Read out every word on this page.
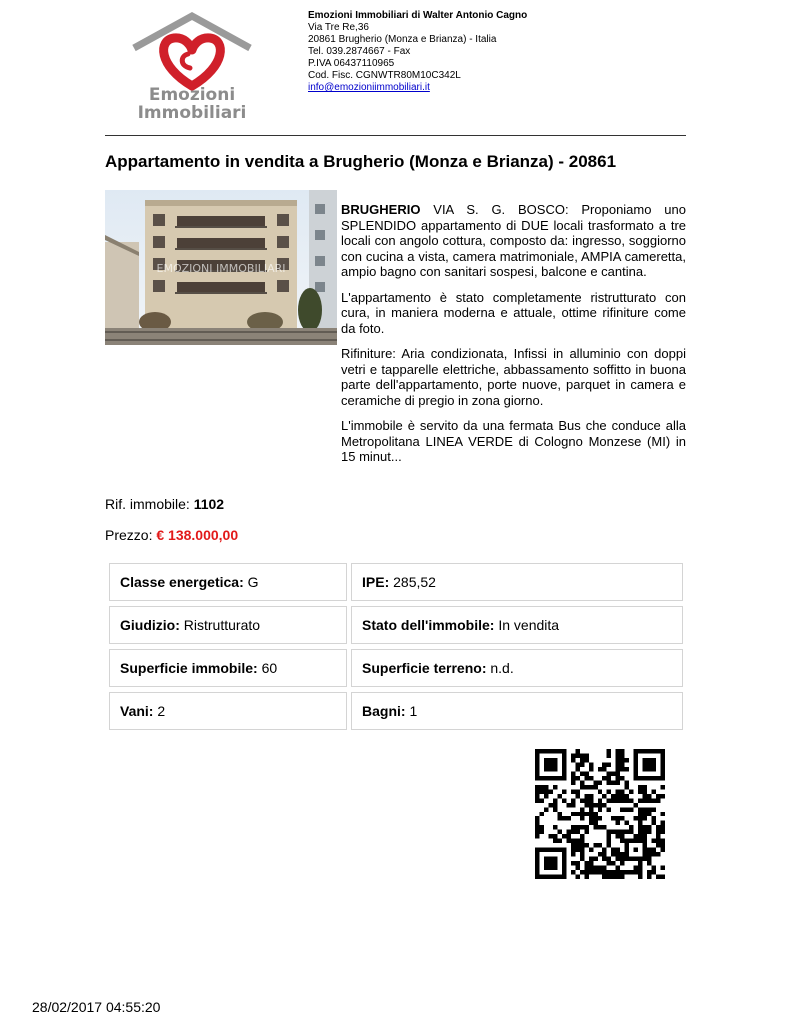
Emozioni
Immobiliari
Emozioni Immobiliari di Walter Antonio Cagno
Via Tre Re,36
20861 Brugherio (Monza e Brianza) - Italia
Tel. 039.2874667 - Fax
P.IVA 06437110965
Cod. Fisc. CGNWTR80M10C342L
info@emozioniimmobiliari.it
Appartamento in vendita a Brugherio (Monza e Brianza) - 20861
EMOZIONI IMMOBILIARI

BRUGHERIO VIA S. G. BOSCO: Proponiamo uno SPLENDIDO appartamento di DUE locali trasformato a tre locali con angolo cottura, composto da: ingresso, soggiorno con cucina a vista, camera matrimoniale, AMPIA cameretta, ampio bagno con sanitari sospesi, balcone e cantina.

L'appartamento è stato completamente ristrutturato con cura, in maniera moderna e attuale, ottime rifiniture come da foto.

Rifiniture: Aria condizionata, Infissi in alluminio con doppi vetri e tapparelle elettriche, abbassamento soffitto in buona parte dell'appartamento, porte nuove, parquet in camera e ceramiche di pregio in zona giorno.

L'immobile è servito da una fermata Bus che conduce alla Metropolitana LINEA VERDE di Cologno Monzese (MI) in 15 minut...

Rif. immobile: 1102
Prezzo: € 138.000,00
Classe energetica: G	IPE: 285,52
Giudizio: Ristrutturato	Stato dell'immobile: In vendita
Superficie immobile: 60	Superficie terreno: n.d.
Vani: 2	Bagni: 1
28/02/2017 04:55:20
